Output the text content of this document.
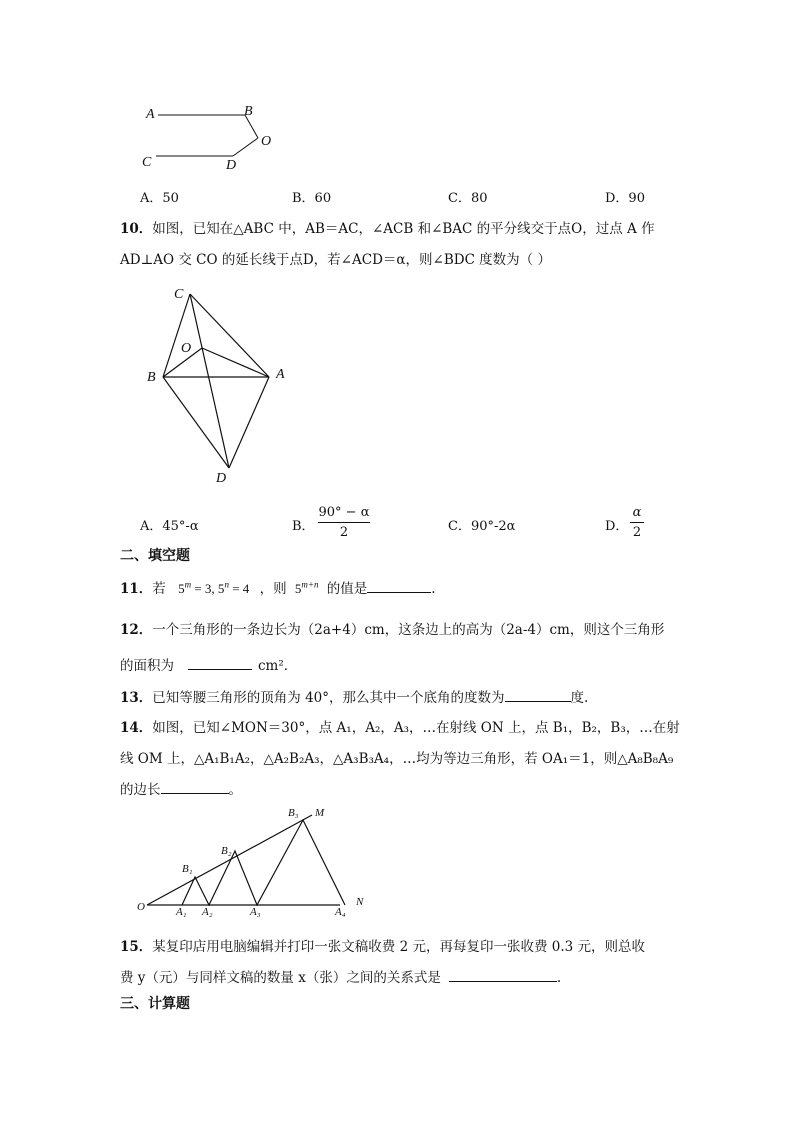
A	B
O
C	D
A．50	B．60	C．80	D．90
10．如图，已知在△ABC 中，AB＝AC，∠ACB 和∠BAC 的平分线交于点O，过点 A 作
AD⊥AO 交 CO 的延长线于点D，若∠ACD＝α，则∠BDC 度数为（ ）
C
O
B	A
D
A．45°-α	B．
90° − α
2	C．90°-2α	D．
α
2
二、填空题
11．若 $5^m = 3$, $5^n = 4$ ，则 $5^{m+n}$ 的值是	.
12．一个三角形的一条边长为（2a+4）cm，这条边上的高为（2a-4）cm，则这个三角形
的面积为	cm²．
13．已知等腰三角形的顶角为 40°，那么其中一个底角的度数为	度.
14．如图，已知∠MON＝30°，点 A₁，A₂，A₃，…在射线 ON 上，点 B₁，B₂，B₃，…在射
线 OM 上，△A₁B₁A₂，△A₂B₂A₃，△A₃B₃A₄，…均为等边三角形，若 OA₁＝1，则△A₈B₈A₉
的边长	。
B₃ M
B₂
B₁
O	A₁ A₂	A₃	A₄
N
15．某复印店用电脑编辑并打印一张文稿收费 2 元，再每复印一张收费 0.3 元，则总收
费 y（元）与同样文稿的数量 x（张）之间的关系式是	.
三、计算题
